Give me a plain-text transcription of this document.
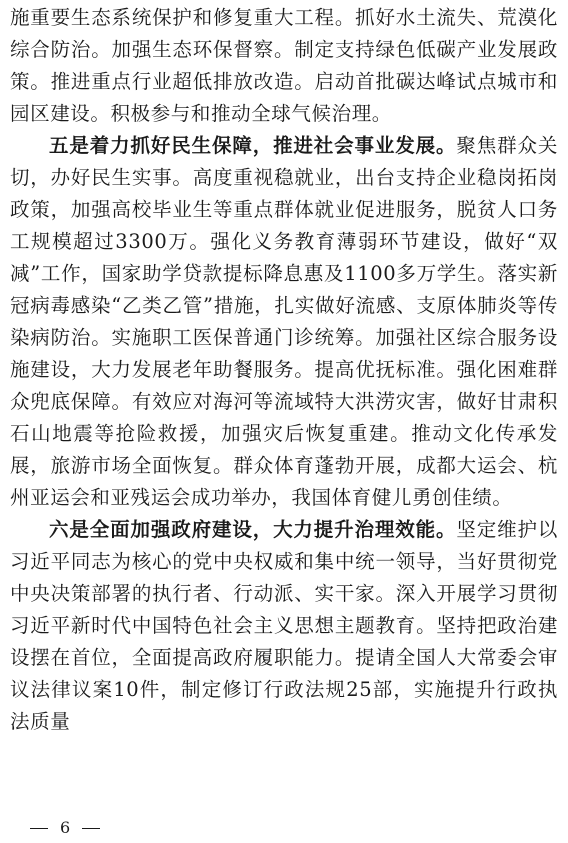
施重要生态系统保护和修复重大工程。抓好水土流失、荒漠化综合防治。加强生态环保督察。制定支持绿色低碳产业发展政策。推进重点行业超低排放改造。启动首批碳达峰试点城市和园区建设。积极参与和推动全球气候治理。

五是着力抓好民生保障，推进社会事业发展。聚焦群众关切，办好民生实事。高度重视稳就业，出台支持企业稳岗拓岗政策，加强高校毕业生等重点群体就业促进服务，脱贫人口务工规模超过3300万。强化义务教育薄弱环节建设，做好“双减”工作，国家助学贷款提标降息惠及1100多万学生。落实新冠病毒感染“乙类乙管”措施，扎实做好流感、支原体肺炎等传染病防治。实施职工医保普通门诊统筹。加强社区综合服务设施建设，大力发展老年助餐服务。提高优抚标准。强化困难群众兜底保障。有效应对海河等流域特大洪涝灾害，做好甘肃积石山地震等抢险救援，加强灾后恢复重建。推动文化传承发展，旅游市场全面恢复。群众体育蓬勃开展，成都大运会、杭州亚运会和亚残运会成功举办，我国体育健儿勇创佳绩。

六是全面加强政府建设，大力提升治理效能。坚定维护以习近平同志为核心的党中央权威和集中统一领导，当好贯彻党中央决策部署的执行者、行动派、实干家。深入开展学习贯彻习近平新时代中国特色社会主义思想主题教育。坚持把政治建设摆在首位，全面提高政府履职能力。提请全国人大常委会审议法律议案10件，制定修订行政法规25部，实施提升行政执法质量

6
